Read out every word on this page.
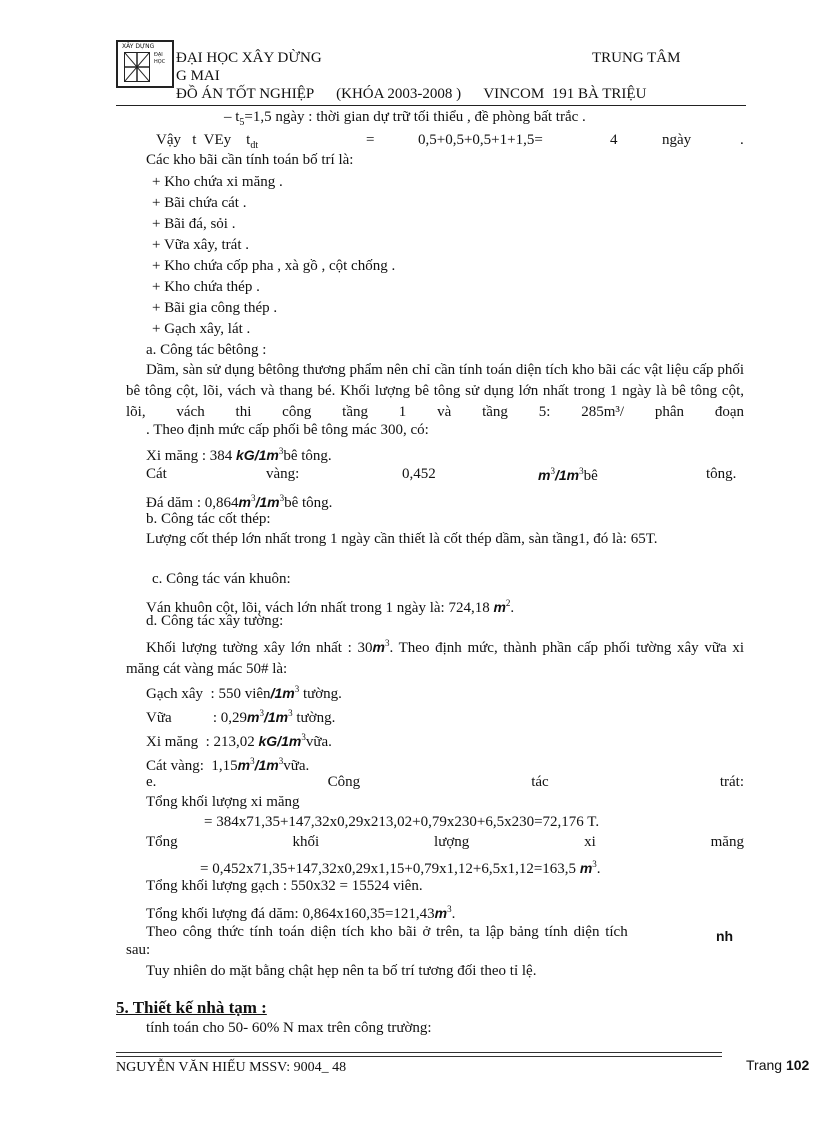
XÂY DỰNG
ĐẠI HỌC ĐẠI HỌC XÂY DỪNG	TRUNG TÂM
G MAI
ĐỒ ÁN TỐT NGHIỆP      (KHÓA 2003-2008 )      VINCOM  191 BÀ TRIỆU
– $t_5=1,5$ ngày : thời gian dự trữ tối thiểu , đề phòng bất trắc .
Vậy   t  VEy    $t_{dt}$	=	0,5+0,5+0,5+1+1,5=	4	ngày	.
Các kho bãi cần tính toán bố trí là:
+ Kho chứa xi măng .
+ Bãi chứa cát .
+ Bãi đá, sỏi .
+ Vữa xây, trát .
+ Kho chứa cốp pha , xà gồ , cột chống .
+ Kho chứa thép .
+ Bãi gia công thép .
+ Gạch xây, lát .
a. Công tác bêtông :
Dầm, sàn sử dụng bêtông thương phẩm nên chỉ cần tính toán diện tích kho bãi các vật liệu cấp phối bê tông cột, lõi, vách và thang bé. Khối lượng bê tông sử dụng lớn nhất trong 1 ngày là bê tông cột, lõi, vách thi công tầng 1 và tầng 5: 285m³/ phân đoạn
. Theo định mức cấp phối bê tông mác 300, có:
Xi măng : 384 $kG/1m^3bê$ tông.
Cát	vàng:	0,452	$m^3/1m^3bê$	tông.
Đá dăm : $0,864m^3/1m^3bê$ tông.
b. Công tác cốt thép:
Lượng cốt thép lớn nhất trong 1 ngày cần thiết là cốt thép dầm, sàn tầng1, đó là: 65T.
c. Công tác ván khuôn:
Ván khuôn cột, lõi, vách lớn nhất trong 1 ngày là: 724,18 $m^2$.
d. Công tác xây tường:
Khối lượng tường xây lớn nhất : $30m^3$. Theo định mức, thành phần cấp phối tường xây vữa xi măng cát vàng mác 50# là:
Gạch xây  : 550 viên/$1m^3$ tường.
Vữa           : $0,29m^3/1m^3$ tường.
Xi măng  : 213,02 $kG/1m^3vữa$.
Cát vàng:  $1,15m^3/1m^3vữa$.
e.	Công	tác	trát:
Tổng khối lượng xi măng
= 384x71,35+147,32x0,29x213,02+0,79x230+6,5x230=72,176 T.
Tổng	khối	lượng	xi	măng
= 0,452x71,35+147,32x0,29x1,15+0,79x1,12+6,5x1,12=163,5 $m^3$.
Tổng khối lượng gạch : 550x32 = 15524 viên.
Tổng khối lượng đá dăm: $0,864x160,35=121,43m^3$.
Theo công thức tính toán diện tích kho bãi ở trên, ta lập bảng tính diện tích	nh
sau:
Tuy nhiên do mặt bằng chật hẹp nên ta bố trí tương đối theo tỉ lệ.
5. Thiết kế nhà tạm :
tính toán cho 50- 60% N max trên công trường:
NGUYỄN VĂN HIẾU MSSV: 9004_ 48	Trang 102
